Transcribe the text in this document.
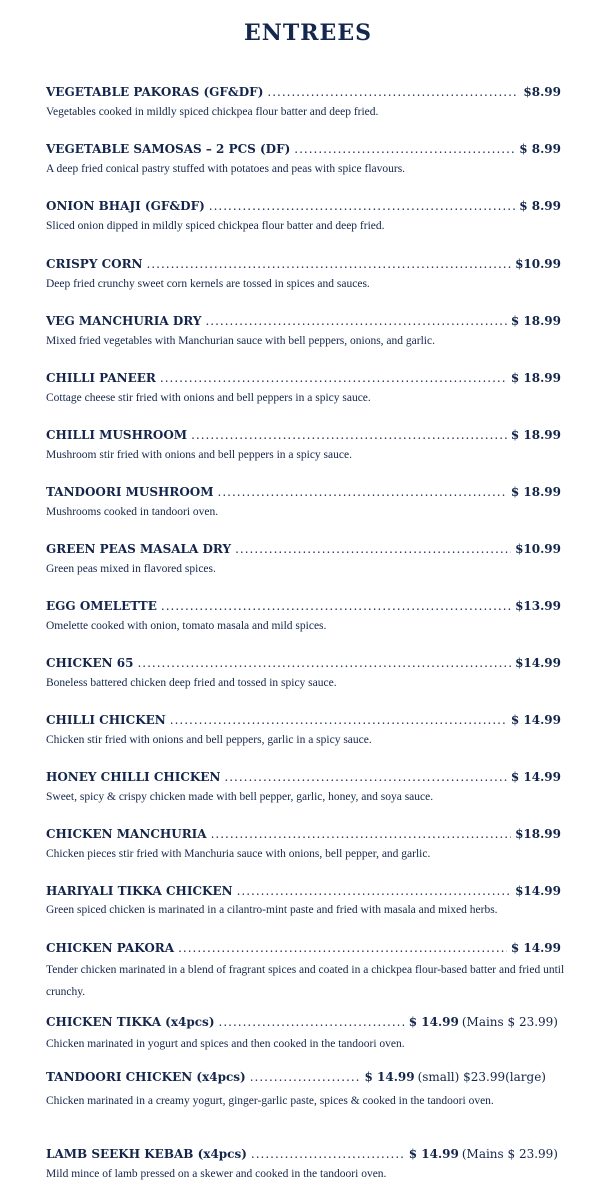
ENTREES
VEGETABLE PAKORAS (GF&DF) .....	$8.99
Vegetables cooked in mildly spiced chickpea flour batter and deep fried.
VEGETABLE SAMOSAS – 2 PCS (DF) .....	$ 8.99
A deep fried conical pastry stuffed with potatoes and peas with spice flavours.
ONION BHAJI (GF&DF) .....	$ 8.99
Sliced onion dipped in mildly spiced chickpea flour batter and deep fried.
CRISPY CORN .....	$10.99
Deep fried crunchy sweet corn kernels are tossed in spices and sauces.
VEG MANCHURIA DRY .....	$ 18.99
Mixed fried vegetables with Manchurian sauce with bell peppers, onions, and garlic.
CHILLI PANEER .....	$ 18.99
Cottage cheese stir fried with onions and bell peppers in a spicy sauce.
CHILLI MUSHROOM .....	$ 18.99
Mushroom stir fried with onions and bell peppers in a spicy sauce.
TANDOORI MUSHROOM .....	$ 18.99
Mushrooms cooked in tandoori oven.
GREEN PEAS MASALA DRY .....	$10.99
Green peas mixed in flavored spices.
EGG OMELETTE .....	$13.99
Omelette cooked with onion, tomato masala and mild spices.
CHICKEN 65 .....	$14.99
Boneless battered chicken deep fried and tossed in spicy sauce.
CHILLI CHICKEN .....	$ 14.99
Chicken stir fried with onions and bell peppers, garlic in a spicy sauce.
HONEY CHILLI CHICKEN .....	$ 14.99
Sweet, spicy & crispy chicken made with bell pepper, garlic, honey, and soya sauce.
CHICKEN MANCHURIA .....	$18.99
Chicken pieces stir fried with Manchuria sauce with onions, bell pepper, and garlic.
HARIYALI TIKKA CHICKEN .....	$14.99
Green spiced chicken is marinated in a cilantro-mint paste and fried with masala and mixed herbs.
CHICKEN PAKORA .....	$ 14.99
Tender chicken marinated in a blend of fragrant spices and coated in a chickpea flour-based batter and fried until crunchy.
CHICKEN TIKKA (x4pcs) .....	$ 14.99 (Mains $ 23.99)
Chicken marinated in yogurt and spices and then cooked in the tandoori oven.
TANDOORI CHICKEN (x4pcs) .....	$ 14.99 (small) $23.99(large)
Chicken marinated in a creamy yogurt, ginger-garlic paste, spices & cooked in the tandoori oven.
LAMB SEEKH KEBAB (x4pcs) .....	$ 14.99 (Mains $ 23.99)
Mild mince of lamb pressed on a skewer and cooked in the tandoori oven.
